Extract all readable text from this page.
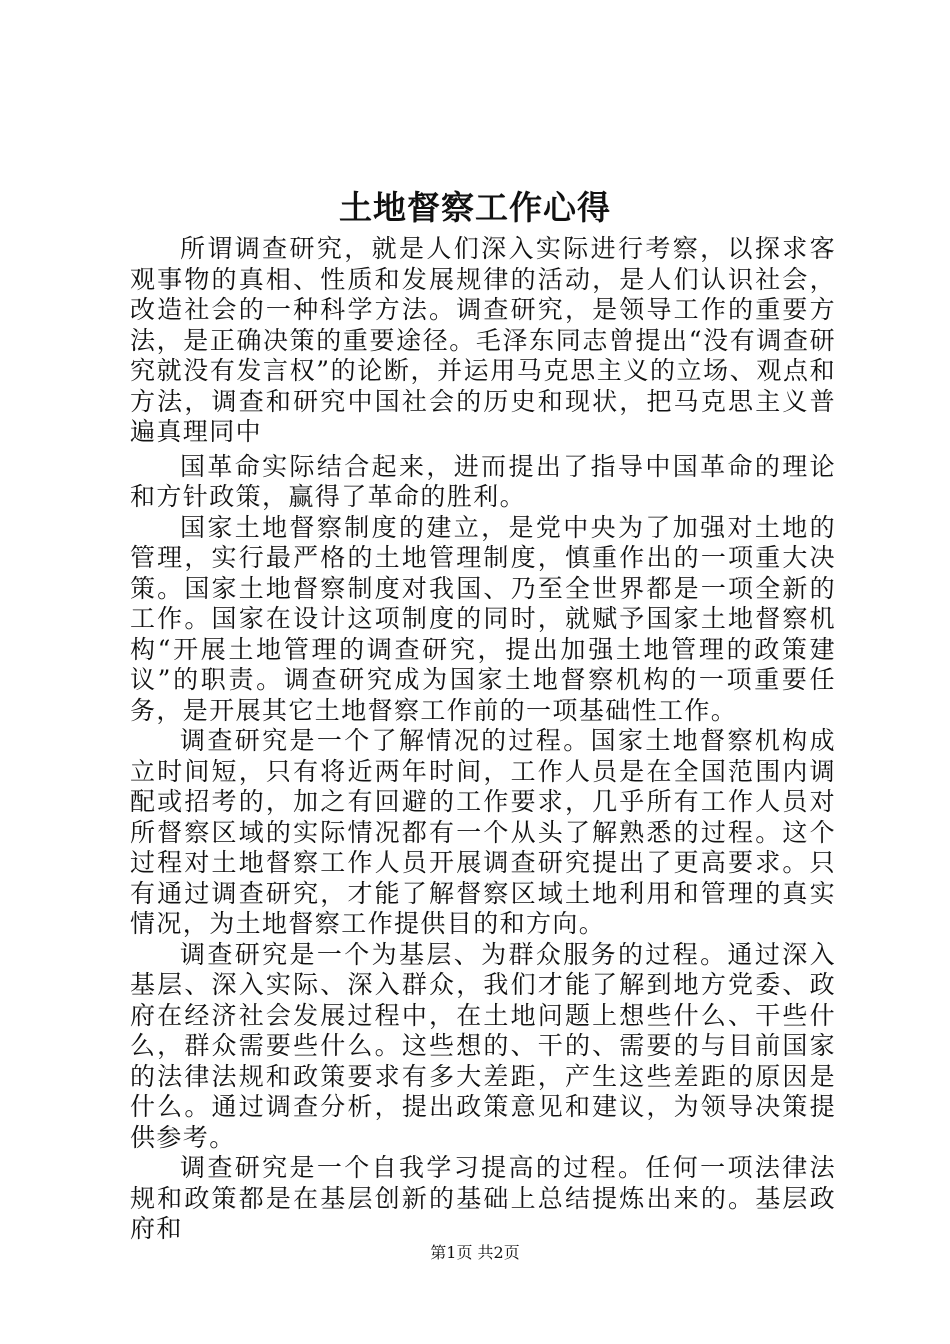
土地督察工作心得

所谓调查研究，就是人们深入实际进行考察，以探求客观事物的真相、性质和发展规律的活动，是人们认识社会，改造社会的一种科学方法。调查研究，是领导工作的重要方法，是正确决策的重要途径。毛泽东同志曾提出“没有调查研究就没有发言权”的论断，并运用马克思主义的立场、观点和方法，调查和研究中国社会的历史和现状，把马克思主义普遍真理同中

国革命实际结合起来，进而提出了指导中国革命的理论和方针政策，赢得了革命的胜利。

国家土地督察制度的建立，是党中央为了加强对土地的管理，实行最严格的土地管理制度，慎重作出的一项重大决策。国家土地督察制度对我国、乃至全世界都是一项全新的工作。国家在设计这项制度的同时，就赋予国家土地督察机构“开展土地管理的调查研究，提出加强土地管理的政策建议”的职责。调查研究成为国家土地督察机构的一项重要任务，是开展其它土地督察工作前的一项基础性工作。

调查研究是一个了解情况的过程。国家土地督察机构成立时间短，只有将近两年时间，工作人员是在全国范围内调配或招考的，加之有回避的工作要求，几乎所有工作人员对所督察区域的实际情况都有一个从头了解熟悉的过程。这个过程对土地督察工作人员开展调查研究提出了更高要求。只有通过调查研究，才能了解督察区域土地利用和管理的真实情况，为土地督察工作提供目的和方向。

调查研究是一个为基层、为群众服务的过程。通过深入基层、深入实际、深入群众，我们才能了解到地方党委、政府在经济社会发展过程中，在土地问题上想些什么、干些什么，群众需要些什么。这些想的、干的、需要的与目前国家的法律法规和政策要求有多大差距，产生这些差距的原因是什么。通过调查分析，提出政策意见和建议，为领导决策提供参考。

调查研究是一个自我学习提高的过程。任何一项法律法规和政策都是在基层创新的基础上总结提炼出来的。基层政府和

第1页 共2页
